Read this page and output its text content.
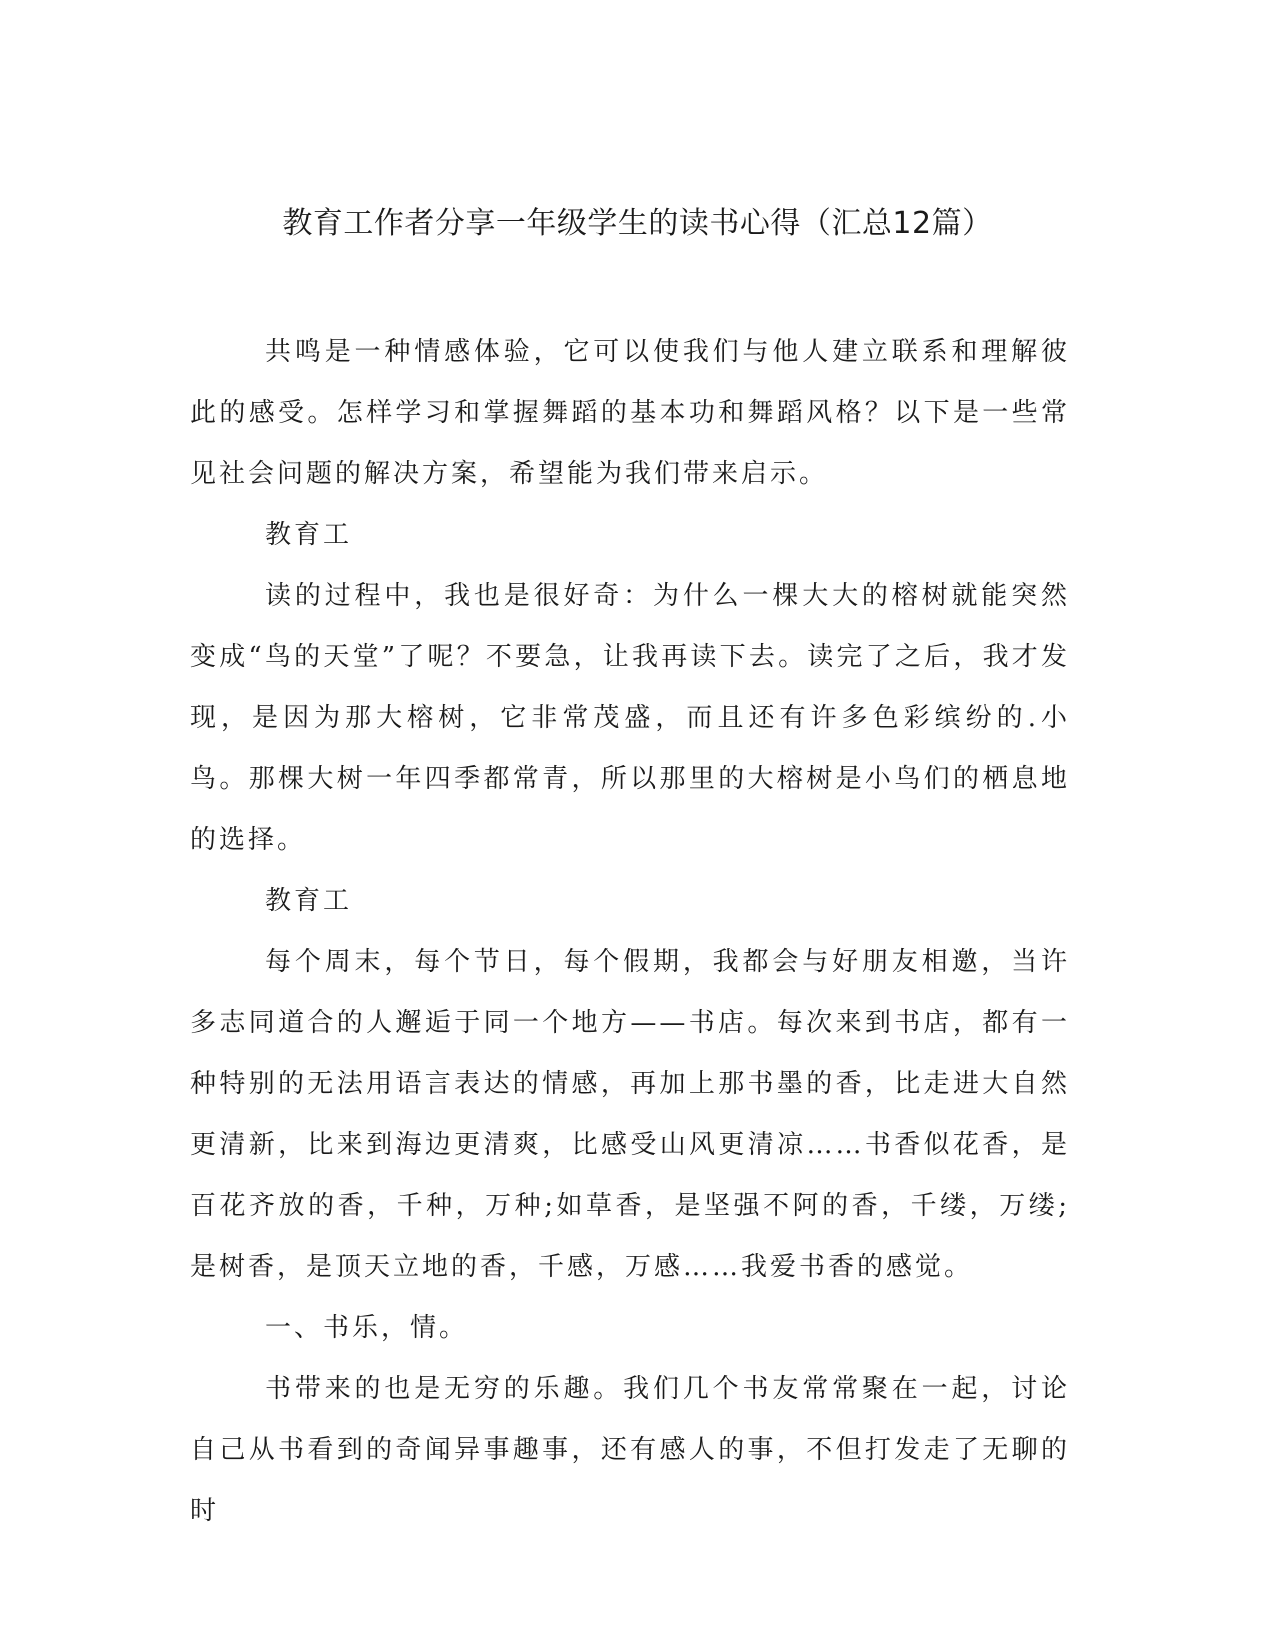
教育工作者分享一年级学生的读书心得（汇总12篇）

共鸣是一种情感体验，它可以使我们与他人建立联系和理解彼此的感受。怎样学习和掌握舞蹈的基本功和舞蹈风格？以下是一些常见社会问题的解决方案，希望能为我们带来启示。

教育工

读的过程中，我也是很好奇：为什么一棵大大的榕树就能突然变成“鸟的天堂”了呢？不要急，让我再读下去。读完了之后，我才发现，是因为那大榕树，它非常茂盛，而且还有许多色彩缤纷的.小鸟。那棵大树一年四季都常青，所以那里的大榕树是小鸟们的栖息地的选择。

教育工

每个周末，每个节日，每个假期，我都会与好朋友相邀，当许多志同道合的人邂逅于同一个地方——书店。每次来到书店，都有一种特别的无法用语言表达的情感，再加上那书墨的香，比走进大自然更清新，比来到海边更清爽，比感受山风更清凉……书香似花香，是百花齐放的香，千种，万种;如草香，是坚强不阿的香，千缕，万缕;是树香，是顶天立地的香，千感，万感……我爱书香的感觉。

一、书乐，情。

书带来的也是无穷的乐趣。我们几个书友常常聚在一起，讨论自己从书看到的奇闻异事趣事，还有感人的事，不但打发走了无聊的时
